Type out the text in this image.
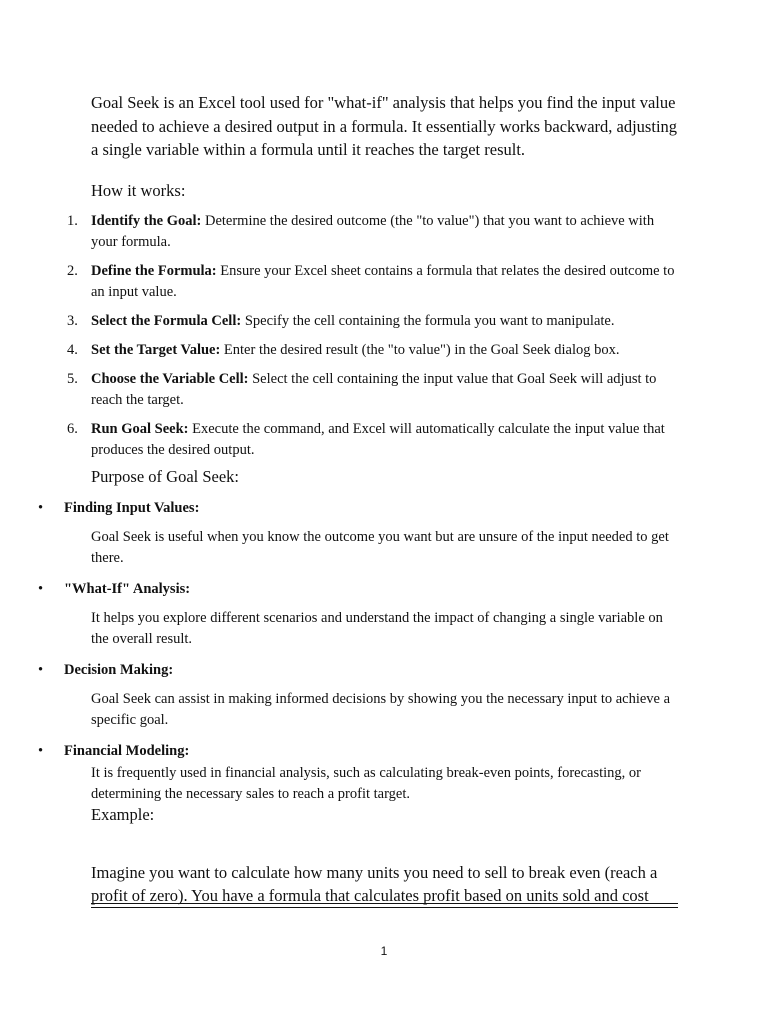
Goal Seek is an Excel tool used for "what-if" analysis that helps you find the input value needed to achieve a desired output in a formula. It essentially works backward, adjusting a single variable within a formula until it reaches the target result.

How it works:

1. Identify the Goal: Determine the desired outcome (the "to value") that you want to achieve with your formula.
2. Define the Formula: Ensure your Excel sheet contains a formula that relates the desired outcome to an input value.
3. Select the Formula Cell: Specify the cell containing the formula you want to manipulate.
4. Set the Target Value: Enter the desired result (the "to value") in the Goal Seek dialog box.
5. Choose the Variable Cell: Select the cell containing the input value that Goal Seek will adjust to reach the target.
6. Run Goal Seek: Execute the command, and Excel will automatically calculate the input value that produces the desired output.

Purpose of Goal Seek:

• Finding Input Values:
Goal Seek is useful when you know the outcome you want but are unsure of the input needed to get there.
• "What-If" Analysis:
It helps you explore different scenarios and understand the impact of changing a single variable on the overall result.
• Decision Making:
Goal Seek can assist in making informed decisions by showing you the necessary input to achieve a specific goal.
• Financial Modeling:
It is frequently used in financial analysis, such as calculating break-even points, forecasting, or determining the necessary sales to reach a profit target.

Example:

Imagine you want to calculate how many units you need to sell to break even (reach a profit of zero). You have a formula that calculates profit based on units sold and cost

1
